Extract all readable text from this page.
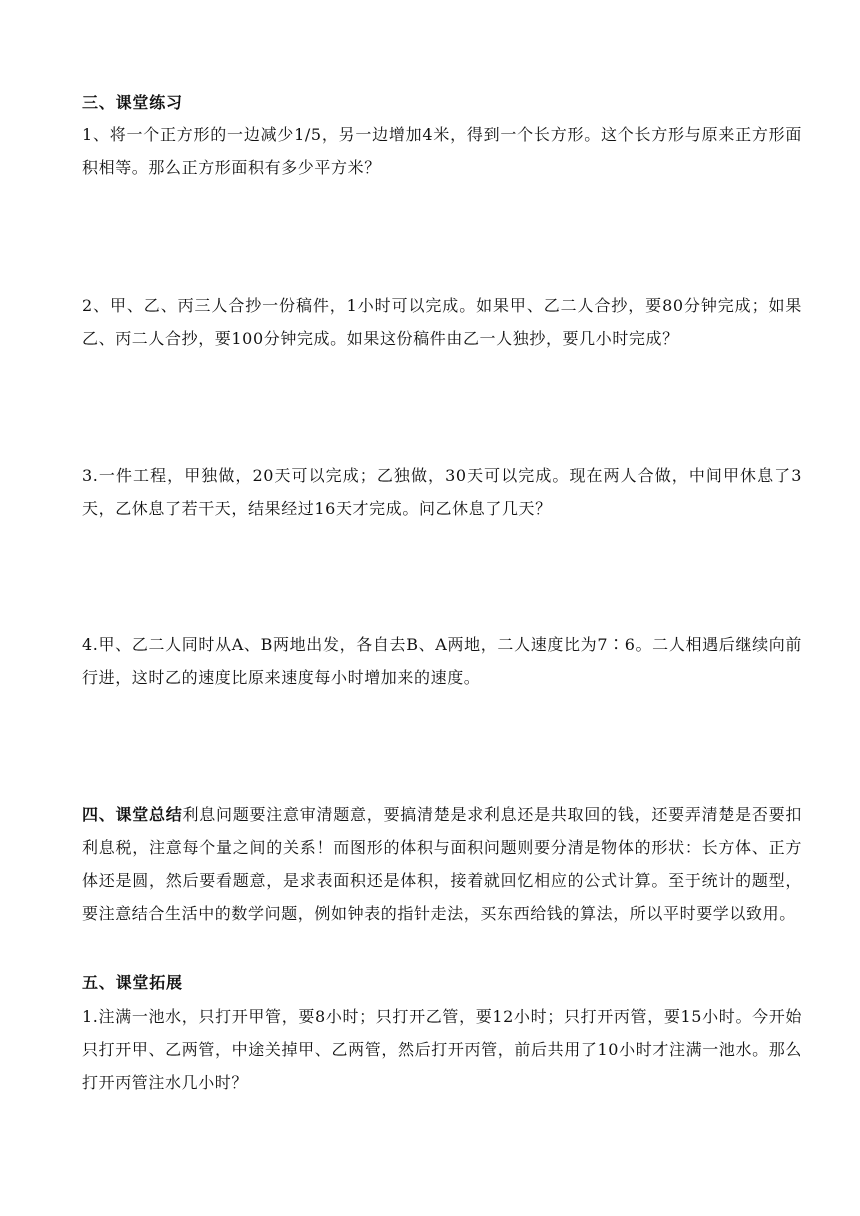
三、课堂练习
1、将一个正方形的一边减少1/5，另一边增加4米，得到一个长方形。这个长方形与原来正方形面积相等。那么正方形面积有多少平方米？
2、甲、乙、丙三人合抄一份稿件，1小时可以完成。如果甲、乙二人合抄，要80分钟完成；如果乙、丙二人合抄，要100分钟完成。如果这份稿件由乙一人独抄，要几小时完成？
3.一件工程，甲独做，20天可以完成；乙独做，30天可以完成。现在两人合做，中间甲休息了3天，乙休息了若干天，结果经过16天才完成。问乙休息了几天？
4.甲、乙二人同时从A、B两地出发，各自去B、A两地，二人速度比为7∶6。二人相遇后继续向前行进，这时乙的速度比原来速度每小时增加来的速度。
四、课堂总结利息问题要注意审清题意，要搞清楚是求利息还是共取回的钱，还要弄清楚是否要扣利息税，注意每个量之间的关系！而图形的体积与面积问题则要分清是物体的形状：长方体、正方体还是圆，然后要看题意，是求表面积还是体积，接着就回忆相应的公式计算。至于统计的题型，要注意结合生活中的数学问题，例如钟表的指针走法，买东西给钱的算法，所以平时要学以致用。
五、课堂拓展
1.注满一池水，只打开甲管，要8小时；只打开乙管，要12小时；只打开丙管，要15小时。今开始只打开甲、乙两管，中途关掉甲、乙两管，然后打开丙管，前后共用了10小时才注满一池水。那么打开丙管注水几小时？
